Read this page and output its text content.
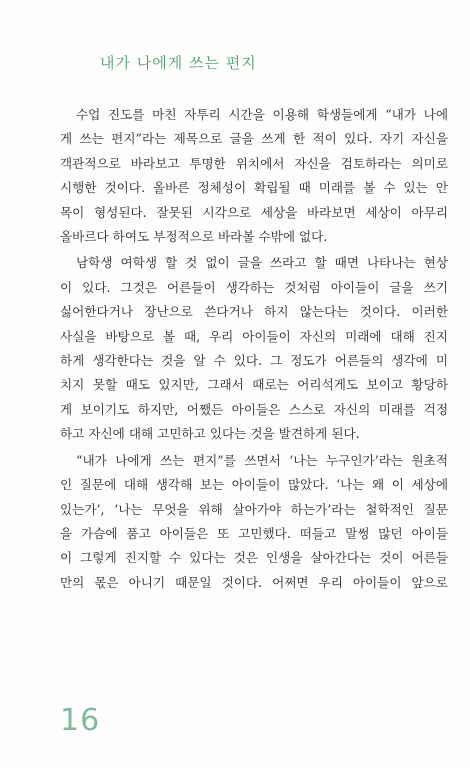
내가 나에게 쓰는 편지
수업 진도를 마친 자투리 시간을 이용해 학생들에게 “내가 나에
게 쓰는 편지”라는 제목으로 글을 쓰게 한 적이 있다. 자기 자신을
객관적으로 바라보고 투명한 위치에서 자신을 검토하라는 의미로
시행한 것이다. 올바른 정체성이 확립될 때 미래를 볼 수 있는 안
목이 형성된다. 잘못된 시각으로 세상을 바라보면 세상이 아무리
올바르다 하여도 부정적으로 바라볼 수밖에 없다.
남학생 여학생 할 것 없이 글을 쓰라고 할 때면 나타나는 현상
이 있다. 그것은 어른들이 생각하는 것처럼 아이들이 글을 쓰기
싫어한다거나 장난으로 쓴다거나 하지 않는다는 것이다. 이러한
사실을 바탕으로 볼 때, 우리 아이들이 자신의 미래에 대해 진지
하게 생각한다는 것을 알 수 있다. 그 정도가 어른들의 생각에 미
치지 못할 때도 있지만, 그래서 때로는 어리석게도 보이고 황당하
게 보이기도 하지만, 어쨌든 아이들은 스스로 자신의 미래를 걱정
하고 자신에 대해 고민하고 있다는 것을 발견하게 된다.
“내가 나에게 쓰는 편지”를 쓰면서 ‘나는 누구인가’라는 원초적
인 질문에 대해 생각해 보는 아이들이 많았다. ‘나는 왜 이 세상에
있는가’, ‘나는 무엇을 위해 살아가야 하는가’라는 철학적인 질문
을 가슴에 품고 아이들은 또 고민했다. 떠들고 말썽 많던 아이들
이 그렇게 진지할 수 있다는 것은 인생을 살아간다는 것이 어른들
만의 몫은 아니기 때문일 것이다. 어쩌면 우리 아이들이 앞으로
16
